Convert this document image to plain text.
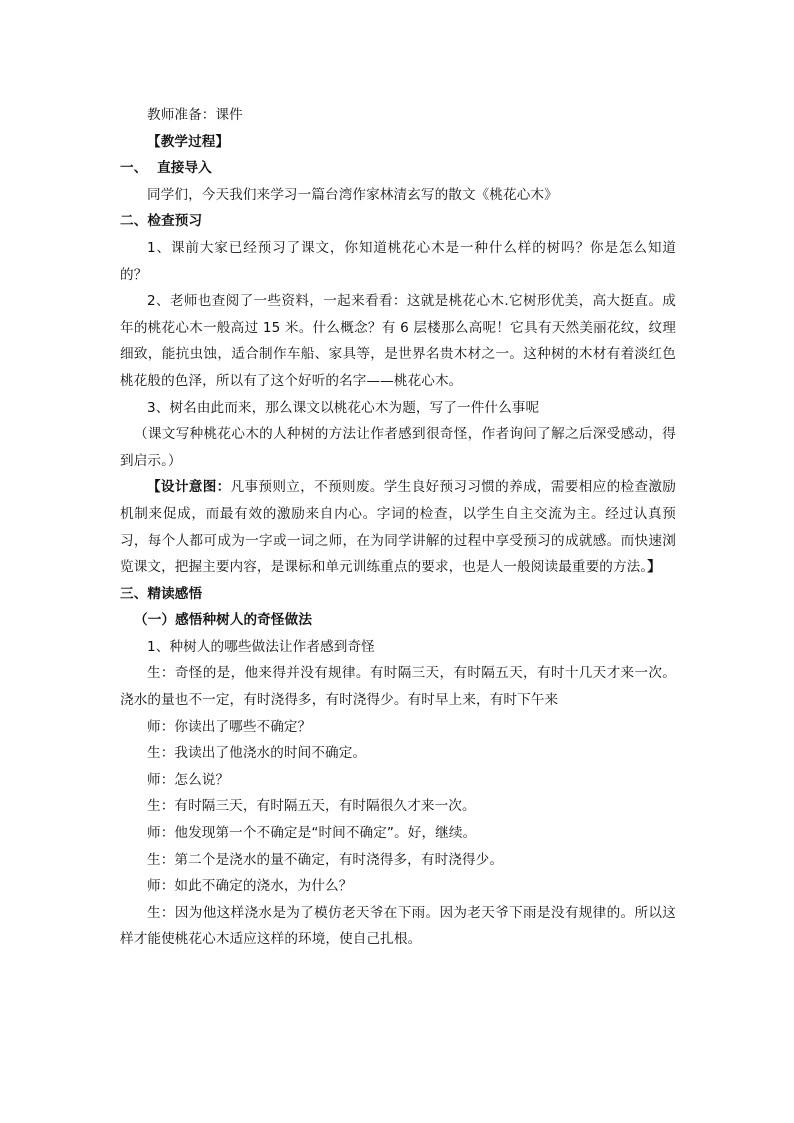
教师准备：课件

【教学过程】

一、 直接导入

同学们，今天我们来学习一篇台湾作家林清玄写的散文《桃花心木》

二、检查预习

1、课前大家已经预习了课文，你知道桃花心木是一种什么样的树吗？你是怎么知道的？

2、老师也查阅了一些资料，一起来看看：这就是桃花心木.它树形优美，高大挺直。成年的桃花心木一般高过 15 米。什么概念？有 6 层楼那么高呢！它具有天然美丽花纹，纹理细致，能抗虫蚀，适合制作车船、家具等，是世界名贵木材之一。这种树的木材有着淡红色桃花般的色泽，所以有了这个好听的名字——桃花心木。

3、树名由此而来，那么课文以桃花心木为题，写了一件什么事呢

（课文写种桃花心木的人种树的方法让作者感到很奇怪，作者询问了解之后深受感动，得到启示。）

【设计意图：凡事预则立，不预则废。学生良好预习习惯的养成，需要相应的检查激励机制来促成，而最有效的激励来自内心。字词的检查，以学生自主交流为主。经过认真预习，每个人都可成为一字或一词之师，在为同学讲解的过程中享受预习的成就感。而快速浏览课文，把握主要内容，是课标和单元训练重点的要求，也是人一般阅读最重要的方法。】

三、精读感悟

（一）感悟种树人的奇怪做法

1、种树人的哪些做法让作者感到奇怪

生：奇怪的是，他来得并没有规律。有时隔三天，有时隔五天，有时十几天才来一次。浇水的量也不一定，有时浇得多，有时浇得少。有时早上来，有时下午来

师：你读出了哪些不确定？

生：我读出了他浇水的时间不确定。

师：怎么说？

生：有时隔三天，有时隔五天，有时隔很久才来一次。

师：他发现第一个不确定是“时间不确定”。好，继续。

生：第二个是浇水的量不确定，有时浇得多，有时浇得少。

师：如此不确定的浇水，为什么？

生：因为他这样浇水是为了模仿老天爷在下雨。因为老天爷下雨是没有规律的。所以这样才能使桃花心木适应这样的环境，使自己扎根。
